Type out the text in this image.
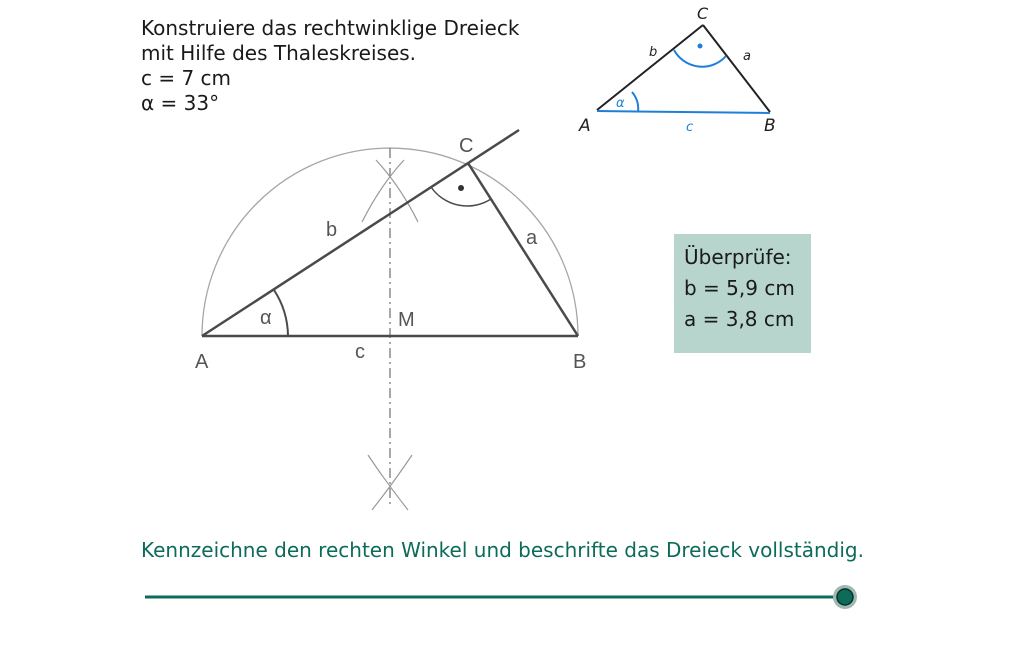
Konstruiere das rechtwinklige Dreieck
mit Hilfe des Thaleskreises.
c = 7 cm
α = 33°
A	B
C
M
a
b
c
α
C
A	B
b	a
c
α
Überprüfe:
b = 5,9 cm
a = 3,8 cm
Kennzeichne den rechten Winkel und beschrifte das Dreieck vollständig.
